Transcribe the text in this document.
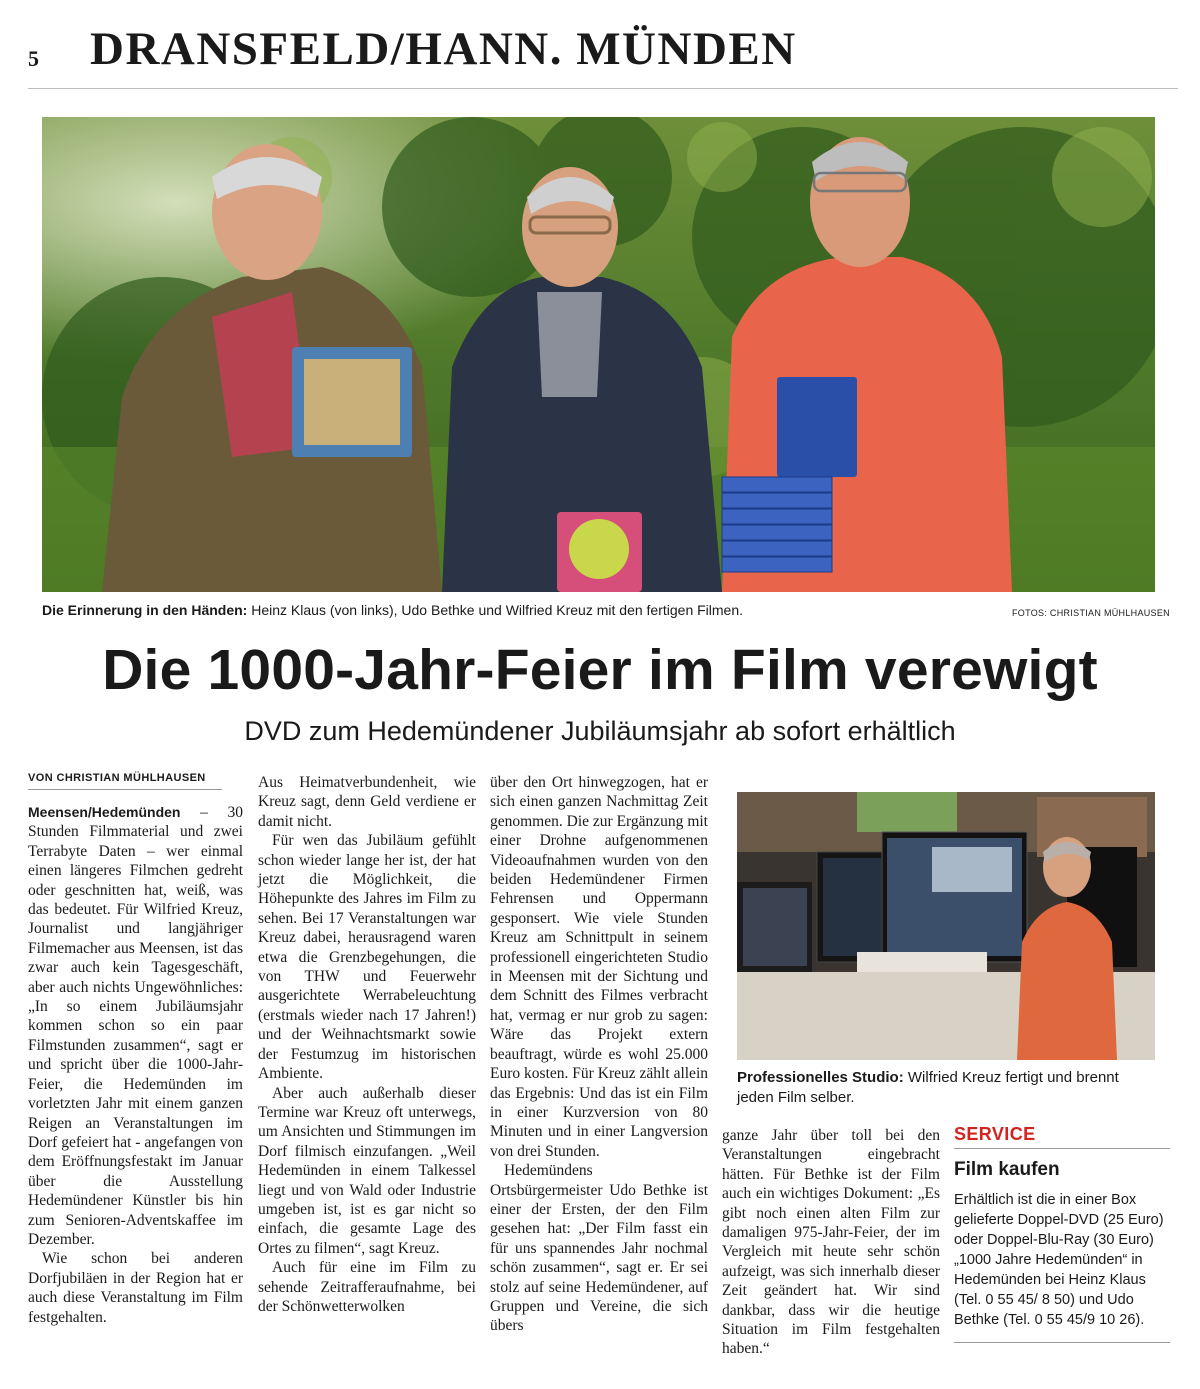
5 DRANSFELD/HANN. MÜNDEN
Die Erinnerung in den Händen: Heinz Klaus (von links), Udo Bethke und Wilfried Kreuz mit den fertigen Filmen.	FOTOS: CHRISTIAN MÜHLHAUSEN
Die 1000-Jahr-Feier im Film verewigt
DVD zum Hedemündener Jubiläumsjahr ab sofort erhältlich
VON CHRISTIAN MÜHLHAUSEN

Meensen/Hedemünden – 30 Stunden Filmmaterial und zwei Terrabyte Daten – wer einmal einen längeres Filmchen gedreht oder geschnitten hat, weiß, was das bedeutet. Für Wilfried Kreuz, Journalist und langjähriger Filmemacher aus Meensen, ist das zwar auch kein Tagesgeschäft, aber auch nichts Ungewöhnliches: „In so einem Jubiläumsjahr kommen schon so ein paar Filmstunden zusammen“, sagt er und spricht über die 1000-Jahr-Feier, die Hedemünden im vorletzten Jahr mit einem ganzen Reigen an Veranstaltungen im Dorf gefeiert hat - angefangen von dem Eröffnungsfestakt im Januar über die Ausstellung Hedemündener Künstler bis hin zum Senioren-Adventskaffee im Dezember.

Wie schon bei anderen Dorfjubiläen in der Region hat er auch diese Veranstaltung im Film festgehalten.

Aus Heimatverbundenheit, wie Kreuz sagt, denn Geld verdiene er damit nicht.

Für wen das Jubiläum gefühlt schon wieder lange her ist, der hat jetzt die Möglichkeit, die Höhepunkte des Jahres im Film zu sehen. Bei 17 Veranstaltungen war Kreuz dabei, herausragend waren etwa die Grenzbegehungen, die von THW und Feuerwehr ausgerichtete Werrabeleuchtung (erstmals wieder nach 17 Jahren!) und der Weihnachtsmarkt sowie der Festumzug im historischen Ambiente.

Aber auch außerhalb dieser Termine war Kreuz oft unterwegs, um Ansichten und Stimmungen im Dorf filmisch einzufangen. „Weil Hedemünden in einem Talkessel liegt und von Wald oder Industrie umgeben ist, ist es gar nicht so einfach, die gesamte Lage des Ortes zu filmen“, sagt Kreuz.

Auch für eine im Film zu sehende Zeitrafferaufnahme, bei der Schönwetterwolken

über den Ort hinwegzogen, hat er sich einen ganzen Nachmittag Zeit genommen. Die zur Ergänzung mit einer Drohne aufgenommenen Videoaufnahmen wurden von den beiden Hedemündener Firmen Fehrensen und Oppermann gesponsert. Wie viele Stunden Kreuz am Schnittpult in seinem professionell eingerichteten Studio in Meensen mit der Sichtung und dem Schnitt des Filmes verbracht hat, vermag er nur grob zu sagen: Wäre das Projekt extern beauftragt, würde es wohl 25.000 Euro kosten. Für Kreuz zählt allein das Ergebnis: Und das ist ein Film in einer Kurzversion von 80 Minuten und in einer Langversion von drei Stunden.

Hedemündens Ortsbürgermeister Udo Bethke ist einer der Ersten, der den Film gesehen hat: „Der Film fasst ein für uns spannendes Jahr nochmal schön zusammen“, sagt er. Er sei stolz auf seine Hedemündener, auf Gruppen und Vereine, die sich übers

Professionelles Studio: Wilfried Kreuz fertigt und brennt jeden Film selber.

ganze Jahr über toll bei den Veranstaltungen eingebracht hätten. Für Bethke ist der Film auch ein wichtiges Dokument: „Es gibt noch einen alten Film zur damaligen 975-Jahr-Feier, der im Vergleich mit heute sehr schön aufzeigt, was sich innerhalb dieser Zeit geändert hat. Wir sind dankbar, dass wir die heutige Situation im Film festgehalten haben.“

SERVICE
Film kaufen
Erhältlich ist die in einer Box gelieferte Doppel-DVD (25 Euro) oder Doppel-Blu-Ray (30 Euro) „1000 Jahre Hedemünden“ in Hedemünden bei Heinz Klaus (Tel. 0 55 45/ 8 50) und Udo Bethke (Tel. 0 55 45/9 10 26).
